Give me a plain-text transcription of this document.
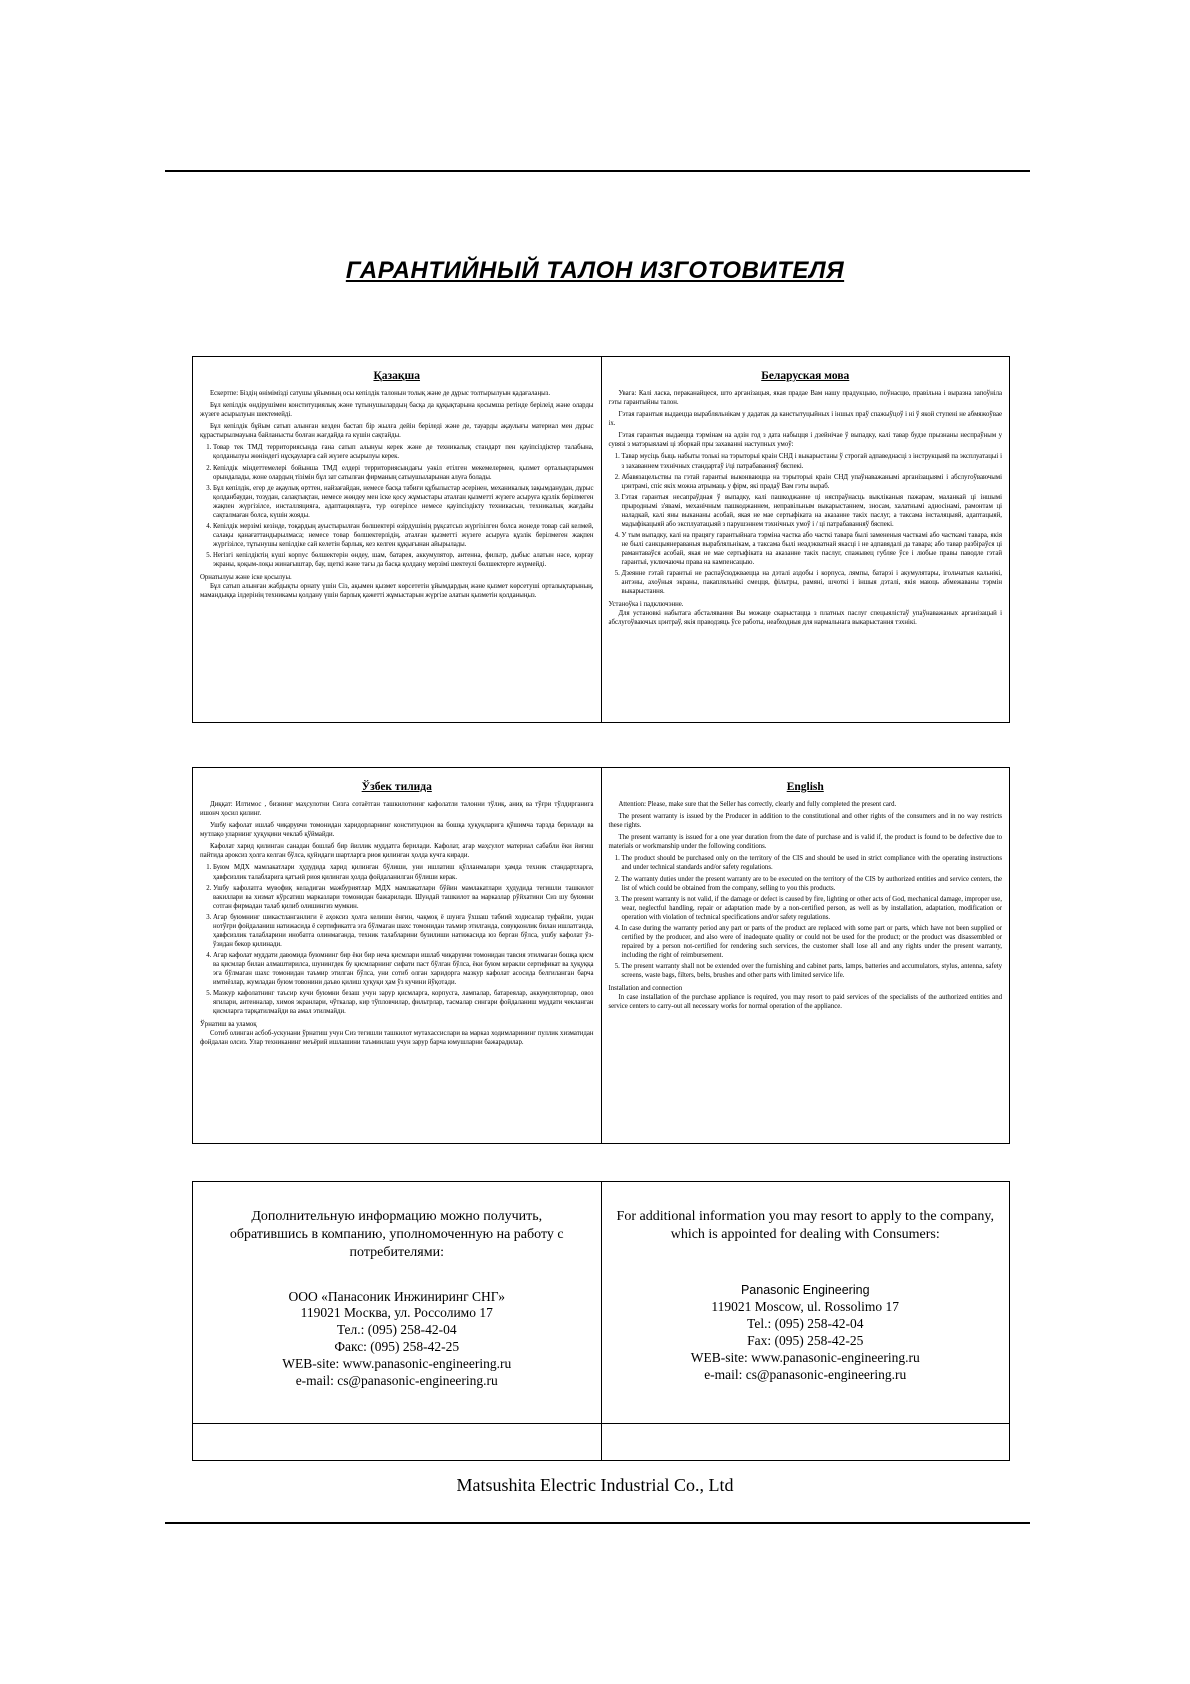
ГАРАНТИЙНЫЙ ТАЛОН ИЗГОТОВИТЕЛЯ
Қазақша

Ескертпе: Біздің өнімімізді сатушы ұйымның осы кепілдік талонын толық және де дұрыс толтырылуын қадағалаңыз.

Бұл кепілдік өндірушімен конституциялық және тұтынушылардың басқа да құқықтарына қосымша ретінде берілеід және оларды жүзеге асырылуын шектемейді.

Бұл кепілдік бұйым сатып алынған кезден бастап бір жылға дейін беріледі және де, тауарды ақаулығы материал мен дұрыс құрастырылмауына байланысты болған жағдайда ға күшін сақтайды.

1. Товар тек ТМД территориясында ғана сатып алынуы керек және де техникалық стандарт пен қауіпсіздіктер талабына, қолданылуы жөніндегі нұсқауларға сай жүзеге асырылуы керек.
2. Кепілдік міндеттемелері бойынша ТМД елдері территориясындағы уәкіл етілген мекемелермен, қызмет орталықтарымен орындалады, жоне олардың тізімін бұл зат сатылған фирманың сатыушыларынан алуға болады.
3. Бұл кепілдік, егер де ақаулық өрттен, найзағайдан, немесе басқа табиғи құбылыстар әсерінен, механикалық зақымданудан, дұрыс қолданбаудан, тозудан, салақтықтан, немесе жөндеу мен іске қосу жұмыстары аталған қызметті жүзеге асыруға құзлік берілмеген жақпен жүргізілсе, инсталляцияға, адаптациялауға, тур өзгерілсе немесе қауіпсіздікту техникасын, техникалық жағдайы сақталмаған болса, күшін жояды.
4. Кепілдік мерзімі кезінде, тоқардың ауыстырылған бөлшектері өзірдушінің рұқсатсыз жүргізілген болса жонеде товар сай келмей, салақы қанағаттандырылмаса; немесе товар бөлшектерлідің, аталған қызметті жүзеге асыруға құзлік берілмеген жақпен жүргізілсе, тұтынушы кепілдіке сай келетін барлық, кез келген құқығынан айырылады.
5. Негізгі кепілдіктің күші корпус бөлшектерін өндеу, шам, батарея, аккумулятор, антенна, фильтр, дыбыс алатын нәсе, қорғау экраны, қоқым-лоқы жинағыштар, бау, щеткі және тағы да басқа қолдану мерзімі шектеулі бөлшектерге жүрмейді.

Орнатылуы және іске қосылуы.

Бұл сатып алынған жабдықты орнату үшін Сіз, ақымен қызмет көрсететін ұйымдардың және қызмет көрсетуші орталықтарының, мамандыққа ілдерінің техникамы қолдану үшін барлық қажетті жұмыстарын жүргізе алатын қызметін қолданыңыз.

Беларуская мова

Увага: Калі ласка, пераканайцеся, што арганізацыя, якая прадае Вам нашу прадукцыю, поўнасцю, правільна і выразна запоўніла гэты гарантыйны талон.

Гэтая гарантыя выдаецца вырабляльнікам у дадатак да канстытуцыйных і іншых праў спажыўцоў і ні ў якой ступені не абмяжоўвае іх.

Гэтая гарантыя выдаецца тэрмінам на адзін год з дата набыцця і дзейнічае ў выпадку, калі тавар будзе прызнаны неспраўным у сувязі з матэрыяламі ці зборкай пры захаванні наступных умоў:

1. Тавар мусіць быць набыты толькі на тэрыторыі краін СНД і выкарыстаны ў строгай адпаведнасці з інструкцыяй па эксплуатацыі і з захаваннем тэхнічных стандартаў і/ці патрабаванняў бяспекі.
2. Абавязацельствы па гэтай гарантыі выконваюцца на тэрыторыі краін СНД упаўнаважанымі арганізацыямі і абслугоўваючымі цэнтрамі, спіс якіх можна атрымаць у фірм, які прадаў Вам гэты выраб.
3. Гэтая гарантыя несапраўдная ў выпадку, калі пашкоджанне ці няспраўнасць выкліканыя пажарам, маланкай ці іншымі прыроднымі з'явамі, механічным пашкоджаннем, неправільным выкарыстаннем, зносам, халатнымі адносінамі, рамонтам ці наладкай, калі яны выкананы асобай, якая не мае сертыфіката на аказанне такіх паслуг, а таксама інсталяцыяй, адаптацыяй, мадыфікацыяй або эксплуатацыяй з парушэннем тэхнічных умоў і / ці патрабаванняў бяспекі.
4. У тым выпадку, калі на працягу гарантыйнага тэрміна частка або часткі тавара былі замененыя часткамі або часткамі тавара, якія не былі санкцыянераваныя вырабляльнікам, а таксама былі неадэкватнай якасці і не адпавядалі да тавара; або тавар разбіраўся ці рамантаваўся асобай, якая не мае сертыфіката на аказанне такіх паслуг, спажывец губляе ўсе і любые правы паводле гэтай гарантыі, уключаючы права на кампенсацыю.
5. Дзеянне гэтай гарантыі не распаўсюджваецца на дэталі аздобы і корпуса, лямпы, батарэі і акумулятары, ігольчатыя кальнікі, антэны, ахоўныя экраны, пакапляльнікі смецця, фільтры, рамяні, шчоткі і іншыя дэталі, якія маюць абмежаваны тэрмін выкарыстання.

Устаноўка і падключэнне.

Для установкі набытага абсталявання Вы можаце скарыстацца з платных паслуг спецыялістаў упаўнаважаных арганізацый і абслугоўваючых цэнтраў, якія праводзяць ўсе работы, неабходныя для нармальнага выкарыстання тэхнікі.

Ўзбек тилида

Диққат: Илтимос , бизнинг маҳсулотни Сизга сотаётган ташкилотнинг кафолатли талонни тўлиқ, аниқ ва тўғри тўлдирганига ишонч ҳосил қилинг.

Ушбу кафолат ишлаб чиқарувчи томонидан харидорларнинг конституцион ва бошқа ҳуқуқларига қўшимча тарзда берилади ва мутлақо уларнинг ҳуқуқини чеклаб қўймайди.

Кафолат харид қилинган санадан бошлаб бир йиллик муддатга берилади. Кафолат, агар маҳсулот материал сабабли ёки йиғиш пайтида ароксиз ҳолга келган бўлса, қуйидаги шартларга риоя қилинган ҳолда кучга киради.

1. Буюм МДХ мамлакатлари ҳудудида харид қилинган бўлиши, уни ишлатиш қўлланмалари ҳамда техник стандартларга, ҳавфсизлик талабларига қатъий риоя қилинган ҳолда фойдаланилган бўлиши керак.
2. Ушбу кафолатга мувофиқ келадиган мажбуриятлар МДХ мамлакатлари бўйин мамлакатлари ҳудудида тегишли ташкилот вакиллари ва хизмат кўрсатиш марказлари томонидан бажарилади. Шундай ташкилот ва марказлар рўйхатини Сиз шу буюмни сотган фирмадан талаб қилиб олишингиз мумкин.
3. Агар буюмнинг шикастланганлиги ё аҳоксиз ҳолга келиши ёнғин, чақмоқ ё шунга ўхшаш табиий ходисалар туфайли, уидан нотўғри фойдаланиш натижасида ё сертификатга эга бўлмаган шахс томонидан таъмир этилганда, совуқконлик билан ишлатганда, ҳавфсизлик талабларини инобатга олинмаганда, техник талабларини бузилиши натижасида юз берган бўлса, ушбу кафолат ўз-ўзидан бекор қилинади.
4. Агар кафолат муддати давомида буюмнинг бир ёки бир неча қисмлари ишлаб чиқарувчи томонидан тавсия этилмаган бошқа қисм ва қисмлар билан алмаштирилса, шунингдек бу қисмларнинг сифати паст бўлган бўлса, ёки буюм керакли сертификат ва ҳуқуққа эга бўлмаган шахс томонидан таъмир этилган бўлса, уни сотиб олган харидорга мазкур кафолат асосида белгиланган барча имтиёзлар, жумладан буюм товонини даъво қилиш ҳуқуқи ҳам ўз кучини йўқотади.
5. Мазкур кафолатнинг таъсир кучи буюмни безаш учун зарур қисмларга, корпусга, лампалар, батареялар, аккумуляторлар, овоз ягилари, антенналар, химоя экранлари, чўткалар, кир тўпловчилар, фильтрлар, тасмалар сингари фойдаланиш муддати чекланган қисмларга тарқатилмайди ва амал этилмайди.

Ўрнатиш ва уламоқ

Сотиб олинган асбоб-ускунани ўрнатиш учун Сиз тегишли ташкилот мутахассислари ва марказ ходимларининг пуллик хизматидан фойдалан олсиз. Улар техниканинг меъёрий ишлашини таъминлаш учун зарур барча юмушларни бажарадилар.

English

Attention: Please, make sure that the Seller has correctly, clearly and fully completed the present card.

The present warranty is issued by the Producer in addition to the constitutional and other rights of the consumers and in no way restricts these rights.

The present warranty is issued for a one year duration from the date of purchase and is valid if, the product is found to be defective due to materials or workmanship under the following conditions.

1. The product should be purchased only on the territory of the CIS and should be used in strict compliance with the operating instructions and under technical standards and/or safety regulations.
2. The warranty duties under the present warranty are to be executed on the territory of the CIS by authorized entities and service centers, the list of which could be obtained from the company, selling to you this products.
3. The present warranty is not valid, if the damage or defect is caused by fire, lighting or other acts of God, mechanical damage, improper use, wear, neglectful handling, repair or adaptation made by a non-certified person, as well as by installation, adaptation, modification or operation with violation of technical specifications and/or safety regulations.
4. In case during the warranty period any part or parts of the product are replaced with some part or parts, which have not been supplied or certified by the producer, and also were of inadequate quality or could not be used for the product; or the product was disassembled or repaired by a person not-certified for rendering such services, the customer shall lose all and any rights under the present warranty, including the right of reimbursement.
5. The present warranty shall not be extended over the furnishing and cabinet parts, lamps, batteries and accumulators, stylus, antenna, safety screens, waste bags, filters, belts, brushes and other parts with limited service life.

Installation and connection

In case installation of the purchase appliance is required, you may resort to paid services of the specialists of the authorized entities and service centers to carry-out all necessary works for normal operation of the appliance.

Дополнительную информацию можно получить, обратившись в компанию, уполномоченную на работу с потребителями:
ООО «Панасоник Инжиниринг СНГ»
119021 Москва, ул. Россолимо 17
Тел.: (095) 258-42-04
Факс: (095) 258-42-25
WEB-site: www.panasonic-engineering.ru
e-mail: cs@panasonic-engineering.ru
For additional information you may resort to apply to the company, which is appointed for dealing with Consumers:
Panasonic Engineering
119021 Moscow, ul. Rossolimo 17
Tel.: (095) 258-42-04
Fax: (095) 258-42-25
WEB-site: www.panasonic-engineering.ru
e-mail: cs@panasonic-engineering.ru
Matsushita Electric Industrial Co., Ltd
